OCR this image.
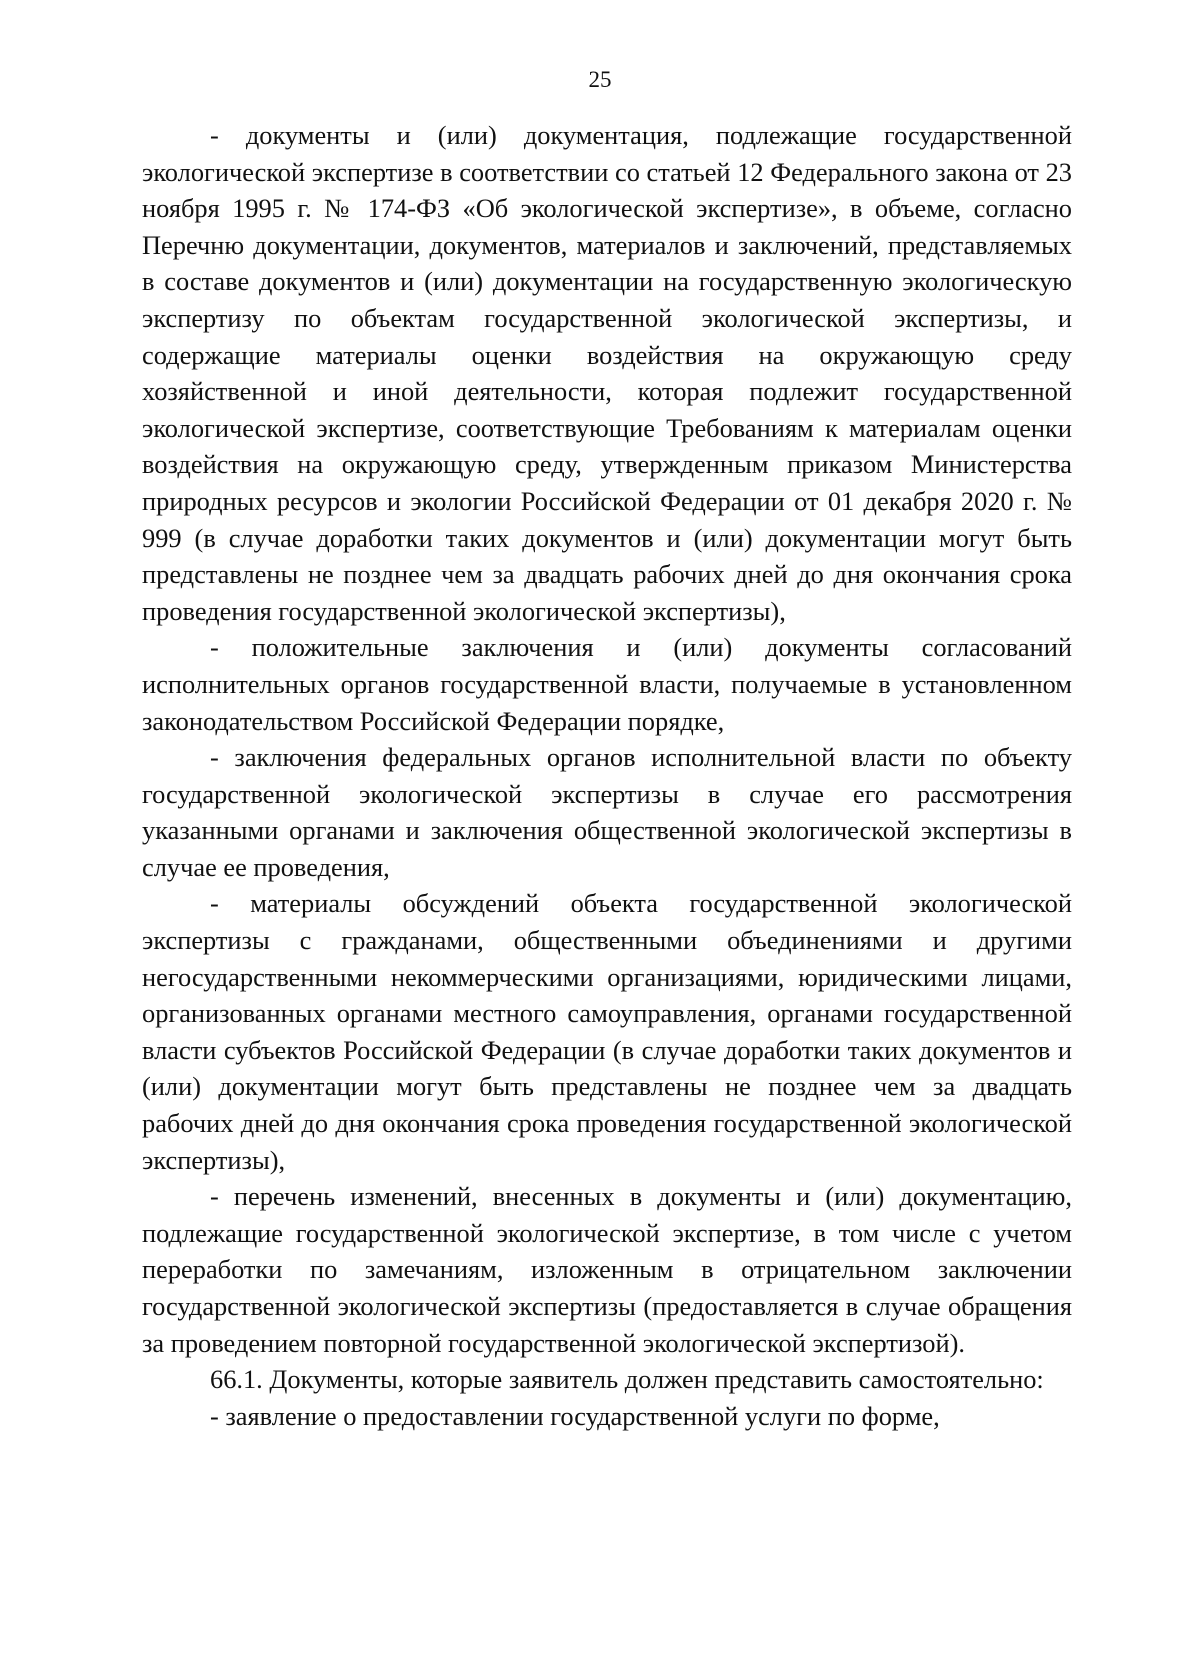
25

- документы и (или) документация, подлежащие государственной экологической экспертизе в соответствии со статьей 12 Федерального закона от 23 ноября 1995 г. № 174-ФЗ «Об экологической экспертизе», в объеме, согласно Перечню документации, документов, материалов и заключений, представляемых в составе документов и (или) документации на государственную экологическую экспертизу по объектам государственной экологической экспертизы, и содержащие материалы оценки воздействия на окружающую среду хозяйственной и иной деятельности, которая подлежит государственной экологической экспертизе, соответствующие Требованиям к материалам оценки воздействия на окружающую среду, утвержденным приказом Министерства природных ресурсов и экологии Российской Федерации от 01 декабря 2020 г. № 999 (в случае доработки таких документов и (или) документации могут быть представлены не позднее чем за двадцать рабочих дней до дня окончания срока проведения государственной экологической экспертизы),

- положительные заключения и (или) документы согласований исполнительных органов государственной власти, получаемые в установленном законодательством Российской Федерации порядке,

- заключения федеральных органов исполнительной власти по объекту государственной экологической экспертизы в случае его рассмотрения указанными органами и заключения общественной экологической экспертизы в случае ее проведения,

- материалы обсуждений объекта государственной экологической экспертизы с гражданами, общественными объединениями и другими негосударственными некоммерческими организациями, юридическими лицами, организованных органами местного самоуправления, органами государственной власти субъектов Российской Федерации (в случае доработки таких документов и (или) документации могут быть представлены не позднее чем за двадцать рабочих дней до дня окончания срока проведения государственной экологической экспертизы),

- перечень изменений, внесенных в документы и (или) документацию, подлежащие государственной экологической экспертизе, в том числе с учетом переработки по замечаниям, изложенным в отрицательном заключении государственной экологической экспертизы (предоставляется в случае обращения за проведением повторной государственной экологической экспертизой).

66.1. Документы, которые заявитель должен представить самостоятельно:

- заявление о предоставлении государственной услуги по форме,
